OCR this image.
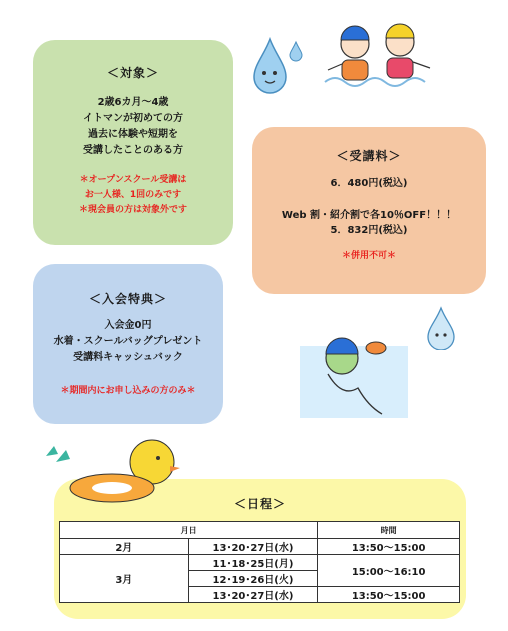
＜対象＞
2歳6カ月～4歳
イトマンが初めての方
過去に体験や短期を
受講したことのある方
＊オープンスクール受講は
お一人様、1回のみです
＊現会員の方は対象外です
＜受講料＞
6．480円(税込)
Web 割・紹介割で各10％OFF！！！
5．832円(税込)
＊併用不可＊
＜入会特典＞
入会金0円
水着・スクールバッグプレゼント
受講料キャッシュバック
＊期間内にお申し込みの方のみ＊
＜日程＞
月日		時間
2月	13･20･27日(水)	13:50～15:00
3月	11･18･25日(月)	15:00～16:10
	12･19･26日(火)	
	13･20･27日(水)	13:50～15:00
